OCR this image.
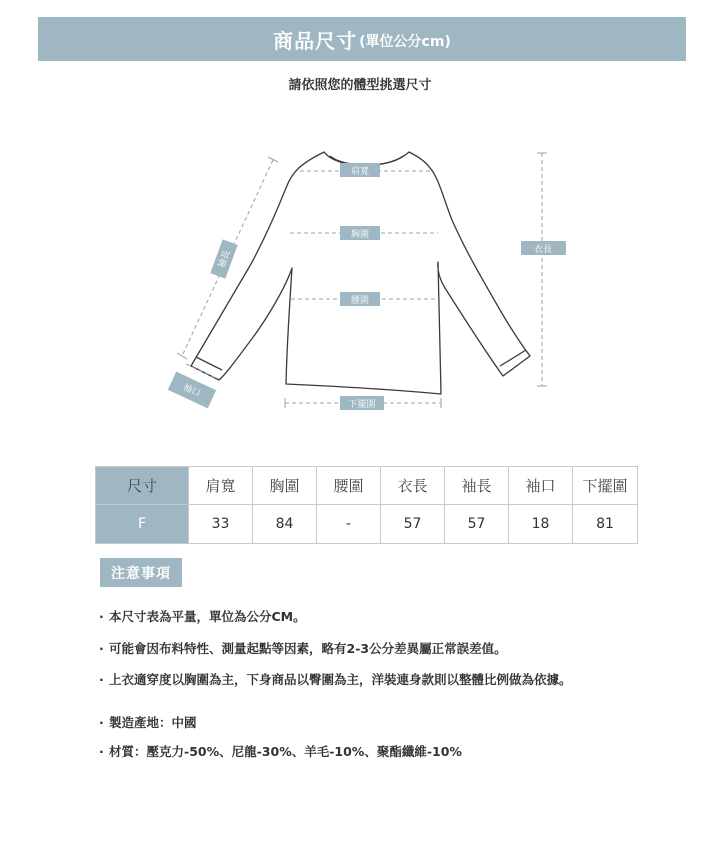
商品尺寸 (單位公分cm)
請依照您的體型挑選尺寸
肩寬
胸圍
腰圍
下擺圍
衣長
袖口
袖長
尺寸	肩寬	胸圍	腰圍	衣長	袖長	袖口	下擺圍
F	33	84	-	57	57	18	81
注意事項
· 本尺寸表為平量，單位為公分CM。
· 可能會因布料特性、測量起點等因素，略有2-3公分差異屬正常誤差值。
· 上衣適穿度以胸圍為主，下身商品以臀圍為主，洋裝連身款則以整體比例做為依據。
· 製造產地：中國
· 材質：壓克力-50%、尼龍-30%、羊毛-10%、聚酯纖維-10%
